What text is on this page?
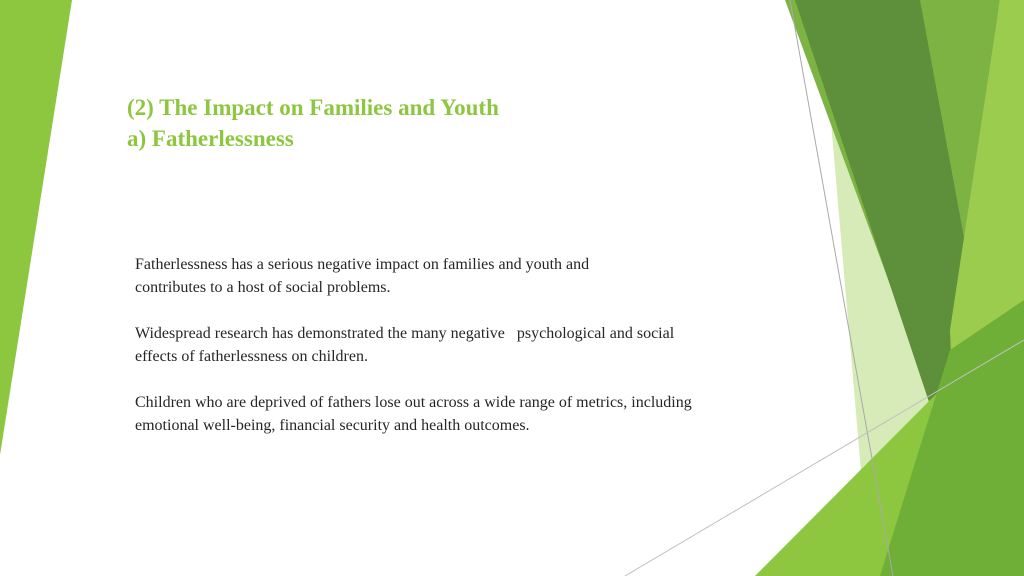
(2) The Impact on Families and Youth
a) Fatherlessness

Fatherlessness has a serious negative impact on families and youth and
contributes to a host of social problems.

Widespread research has demonstrated the many negative   psychological and social
effects of fatherlessness on children.

Children who are deprived of fathers lose out across a wide range of metrics, including
emotional well-being, financial security and health outcomes.
